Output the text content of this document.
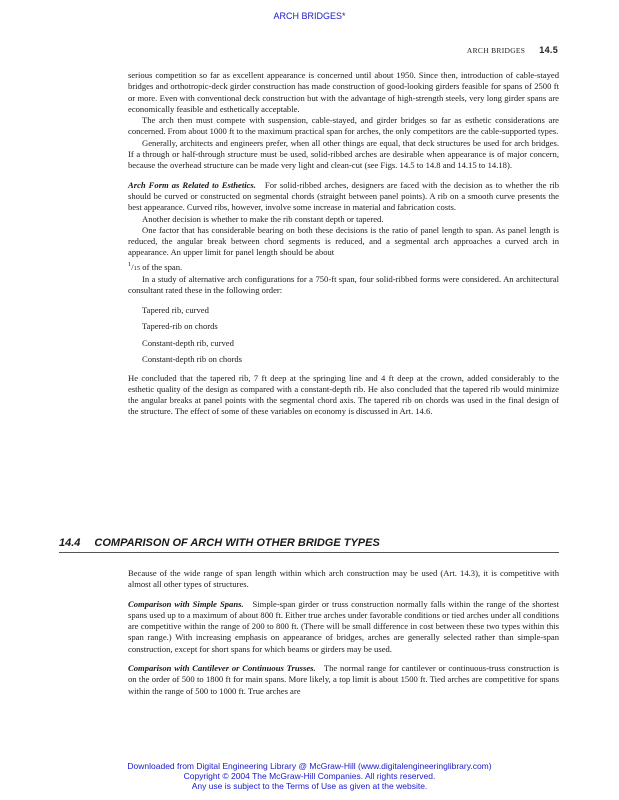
ARCH BRIDGES*
ARCH BRIDGES 14.5

serious competition so far as excellent appearance is concerned until about 1950. Since then, introduction of cable-stayed bridges and orthotropic-deck girder construction has made construction of good-looking girders feasible for spans of 2500 ft or more. Even with conventional deck construction but with the advantage of high-strength steels, very long girder spans are economically feasible and esthetically acceptable.

The arch then must compete with suspension, cable-stayed, and girder bridges so far as esthetic considerations are concerned. From about 1000 ft to the maximum practical span for arches, the only competitors are the cable-supported types.

Generally, architects and engineers prefer, when all other things are equal, that deck structures be used for arch bridges. If a through or half-through structure must be used, solid-ribbed arches are desirable when appearance is of major concern, because the overhead structure can be made very light and clean-cut (see Figs. 14.5 to 14.8 and 14.15 to 14.18).

Arch Form as Related to Esthetics. For solid-ribbed arches, designers are faced with the decision as to whether the rib should be curved or constructed on segmental chords (straight between panel points). A rib on a smooth curve presents the best appearance. Curved ribs, however, involve some increase in material and fabrication costs.

Another decision is whether to make the rib constant depth or tapered.

One factor that has considerable bearing on both these decisions is the ratio of panel length to span. As panel length is reduced, the angular break between chord segments is reduced, and a segmental arch approaches a curved arch in appearance. An upper limit for panel length should be about
$^1$/15 of the span.

In a study of alternative arch configurations for a 750-ft span, four solid-ribbed forms were considered. An architectural consultant rated these in the following order:

Tapered rib, curved
Tapered-rib on chords
Constant-depth rib, curved
Constant-depth rib on chords

He concluded that the tapered rib, 7 ft deep at the springing line and 4 ft deep at the crown, added considerably to the esthetic quality of the design as compared with a constant-depth rib. He also concluded that the tapered rib would minimize the angular breaks at panel points with the segmental chord axis. The tapered rib on chords was used in the final design of the structure. The effect of some of these variables on economy is discussed in Art. 14.6.

14.4 COMPARISON OF ARCH WITH OTHER BRIDGE TYPES

Because of the wide range of span length within which arch construction may be used (Art. 14.3), it is competitive with almost all other types of structures.

Comparison with Simple Spans. Simple-span girder or truss construction normally falls within the range of the shortest spans used up to a maximum of about 800 ft. Either true arches under favorable conditions or tied arches under all conditions are competitive within the range of 200 to 800 ft. (There will be small difference in cost between these two types within this span range.) With increasing emphasis on appearance of bridges, arches are generally selected rather than simple-span construction, except for short spans for which beams or girders may be used.

Comparison with Cantilever or Continuous Trusses. The normal range for cantilever or continuous-truss construction is on the order of 500 to 1800 ft for main spans. More likely, a top limit is about 1500 ft. Tied arches are competitive for spans within the range of 500 to 1000 ft. True arches are

Downloaded from Digital Engineering Library @ McGraw-Hill (www.digitalengineeringlibrary.com)
Copyright © 2004 The McGraw-Hill Companies. All rights reserved.
Any use is subject to the Terms of Use as given at the website.
